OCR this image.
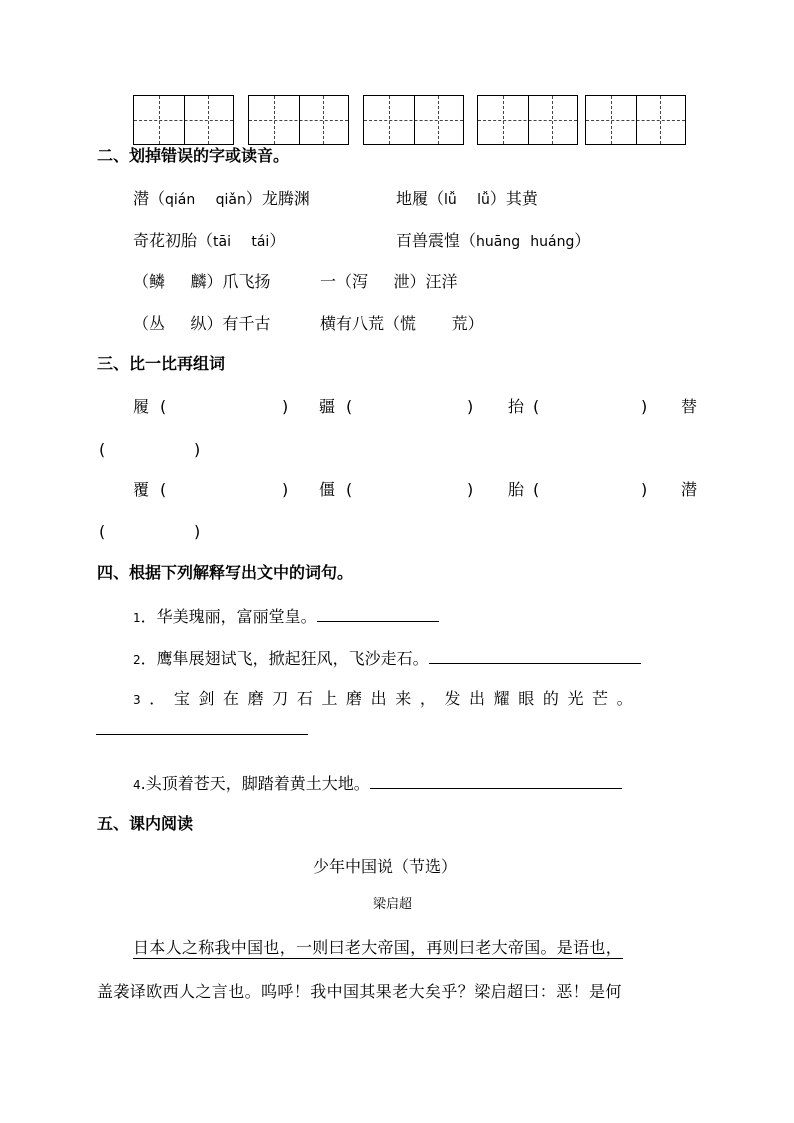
二、划掉错误的字或读音。
潜（qián qiǎn）龙腾渊	地履（lǚ lǚ）其黄
奇花初胎（tāi tái）	百兽震惶（huāng huáng）
（鳞 麟）爪飞扬	一（泻 泄）汪洋
（丛 纵）有千古	横有八荒（慌 荒）
三、比一比再组词
履 (	) 疆 (	) 抬 (	) 替
(	)
覆 (	) 僵 (	) 胎 (	) 潜
(	)
四、根据下列解释写出文中的词句。
1．华美瑰丽，富丽堂皇。
2．鹰隼展翅试飞，掀起狂风，飞沙走石。
3．宝剑在磨刀石上磨出来，发出耀眼的光芒。
4.头顶着苍天，脚踏着黄土大地。
五、课内阅读
少年中国说（节选）
梁启超
日本人之称我中国也，一则曰老大帝国，再则曰老大帝国。是语也，
盖袭译欧西人之言也。呜呼！我中国其果老大矣乎？梁启超曰：恶！是何
